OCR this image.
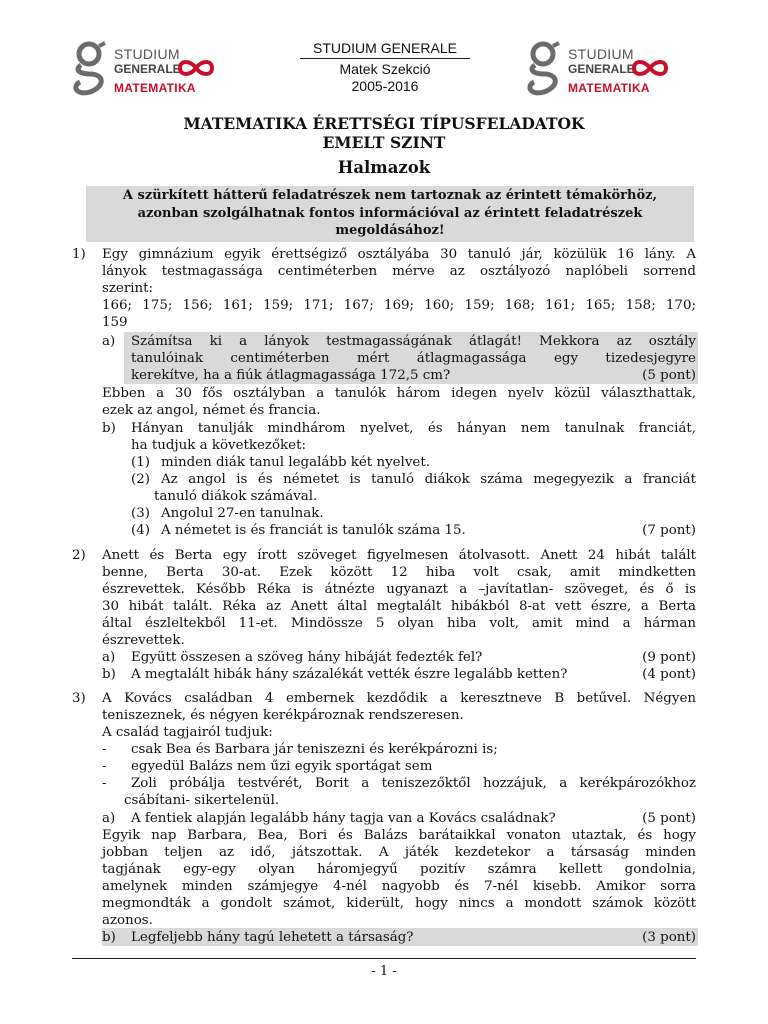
STUDIUM
GENERALE
MATEMATIKA
STUDIUM GENERALE
Matek Szekció
2005-2016
STUDIUM
GENERALE
MATEMATIKA
MATEMATIKA ÉRETTSÉGI TÍPUSFELADATOK
EMELT SZINT
Halmazok
A szürkített hátterű feladatrészek nem tartoznak az érintett témakörhöz,
azonban szolgálhatnak fontos információval az érintett feladatrészek
megoldásához!
1) Egy gimnázium egyik érettségiző osztályába 30 tanuló jár, közülük 16 lány. A
lányok testmagassága centiméterben mérve az osztályozó naplóbeli sorrend
szerint:
166; 175; 156; 161; 159; 171; 167; 169; 160; 159; 168; 161; 165; 158; 170;
159
a) Számítsa ki a lányok testmagasságának átlagát! Mekkora az osztály
tanulóinak centiméterben mért átlagmagassága egy tizedesjegyre
kerekítve, ha a fiúk átlagmagassága 172,5 cm?	(5 pont)
Ebben a 30 fős osztályban a tanulók három idegen nyelv közül választhattak,
ezek az angol, német és francia.
b) Hányan tanulják mindhárom nyelvet, és hányan nem tanulnak franciát,
ha tudjuk a következőket:
(1) minden diák tanul legalább két nyelvet.
(2) Az angol is és németet is tanuló diákok száma megegyezik a franciát
tanuló diákok számával.
(3) Angolul 27-en tanulnak.
(4) A németet is és franciát is tanulók száma 15.	(7 pont)
2) Anett és Berta egy írott szöveget figyelmesen átolvasott. Anett 24 hibát talált
benne, Berta 30-at. Ezek között 12 hiba volt csak, amit mindketten
észrevettek. Később Réka is átnézte ugyanazt a –javítatlan- szöveget, és ő is
30 hibát talált. Réka az Anett által megtalált hibákból 8-at vett észre, a Berta
által észleltekből 11-et. Mindössze 5 olyan hiba volt, amit mind a hárman
észrevettek.
a) Együtt összesen a szöveg hány hibáját fedezték fel?	(9 pont)
b) A megtalált hibák hány százalékát vették észre legalább ketten?	(4 pont)
3) A Kovács családban 4 embernek kezdődik a keresztneve B betűvel. Négyen
teniszeznek, és négyen kerékpároznak rendszeresen.
A család tagjairól tudjuk:
- csak Bea és Barbara jár teniszezni és kerékpározni is;
- egyedül Balázs nem űzi egyik sportágat sem
- Zoli próbálja testvérét, Borit a teniszezőktől hozzájuk, a kerékpározókhoz
csábítani- sikertelenül.
a) A fentiek alapján legalább hány tagja van a Kovács családnak?	(5 pont)
Egyik nap Barbara, Bea, Bori és Balázs barátaikkal vonaton utaztak, és hogy
jobban teljen az idő, játszottak. A játék kezdetekor a társaság minden
tagjának egy-egy olyan háromjegyű pozitív számra kellett gondolnia,
amelynek minden számjegye 4-nél nagyobb és 7-nél kisebb. Amikor sorra
megmondták a gondolt számot, kiderült, hogy nincs a mondott számok között
azonos.
b) Legfeljebb hány tagú lehetett a társaság?	(3 pont)
- 1 -
